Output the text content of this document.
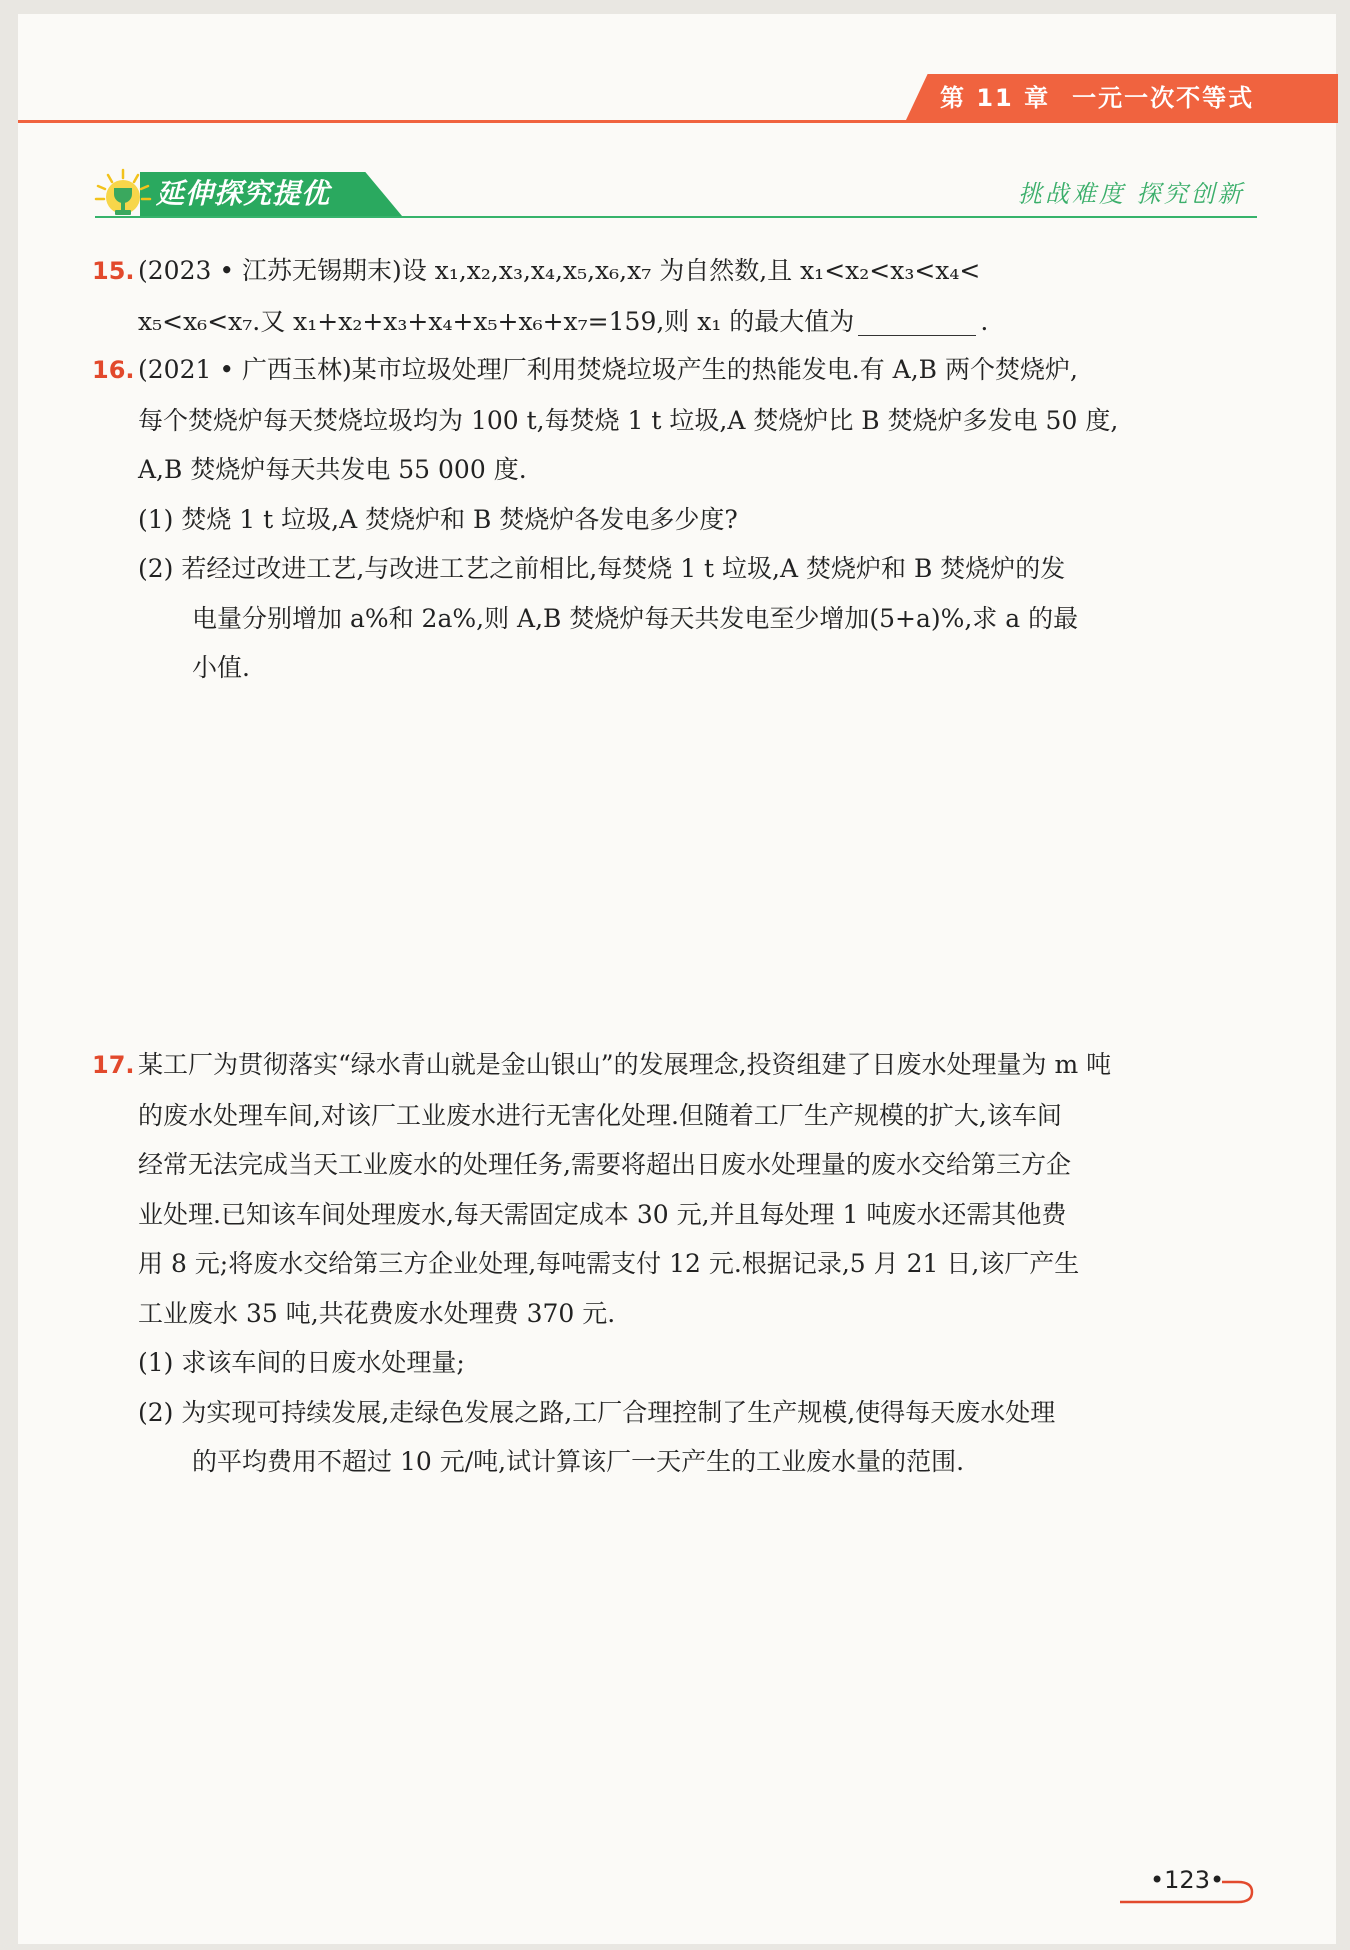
第 11 章 一元一次不等式
延伸探究提优	挑战难度 探究创新
15. (2023 • 江苏无锡期末)设 x₁,x₂,x₃,x₄,x₅,x₆,x₇ 为自然数,且 x₁<x₂<x₃<x₄<
x₅<x₆<x₇.又 x₁+x₂+x₃+x₄+x₅+x₆+x₇=159,则 x₁ 的最大值为	.
16. (2021 • 广西玉林)某市垃圾处理厂利用焚烧垃圾产生的热能发电.有 A,B 两个焚烧炉,
每个焚烧炉每天焚烧垃圾均为 100 t,每焚烧 1 t 垃圾,A 焚烧炉比 B 焚烧炉多发电 50 度,
A,B 焚烧炉每天共发电 55 000 度.
(1) 焚烧 1 t 垃圾,A 焚烧炉和 B 焚烧炉各发电多少度?
(2) 若经过改进工艺,与改进工艺之前相比,每焚烧 1 t 垃圾,A 焚烧炉和 B 焚烧炉的发
电量分别增加 a%和 2a%,则 A,B 焚烧炉每天共发电至少增加(5+a)%,求 a 的最
小值.
17. 某工厂为贯彻落实“绿水青山就是金山银山”的发展理念,投资组建了日废水处理量为 m 吨
的废水处理车间,对该厂工业废水进行无害化处理.但随着工厂生产规模的扩大,该车间
经常无法完成当天工业废水的处理任务,需要将超出日废水处理量的废水交给第三方企
业处理.已知该车间处理废水,每天需固定成本 30 元,并且每处理 1 吨废水还需其他费
用 8 元;将废水交给第三方企业处理,每吨需支付 12 元.根据记录,5 月 21 日,该厂产生
工业废水 35 吨,共花费废水处理费 370 元.
(1) 求该车间的日废水处理量;
(2) 为实现可持续发展,走绿色发展之路,工厂合理控制了生产规模,使得每天废水处理
的平均费用不超过 10 元/吨,试计算该厂一天产生的工业废水量的范围.
•123•
